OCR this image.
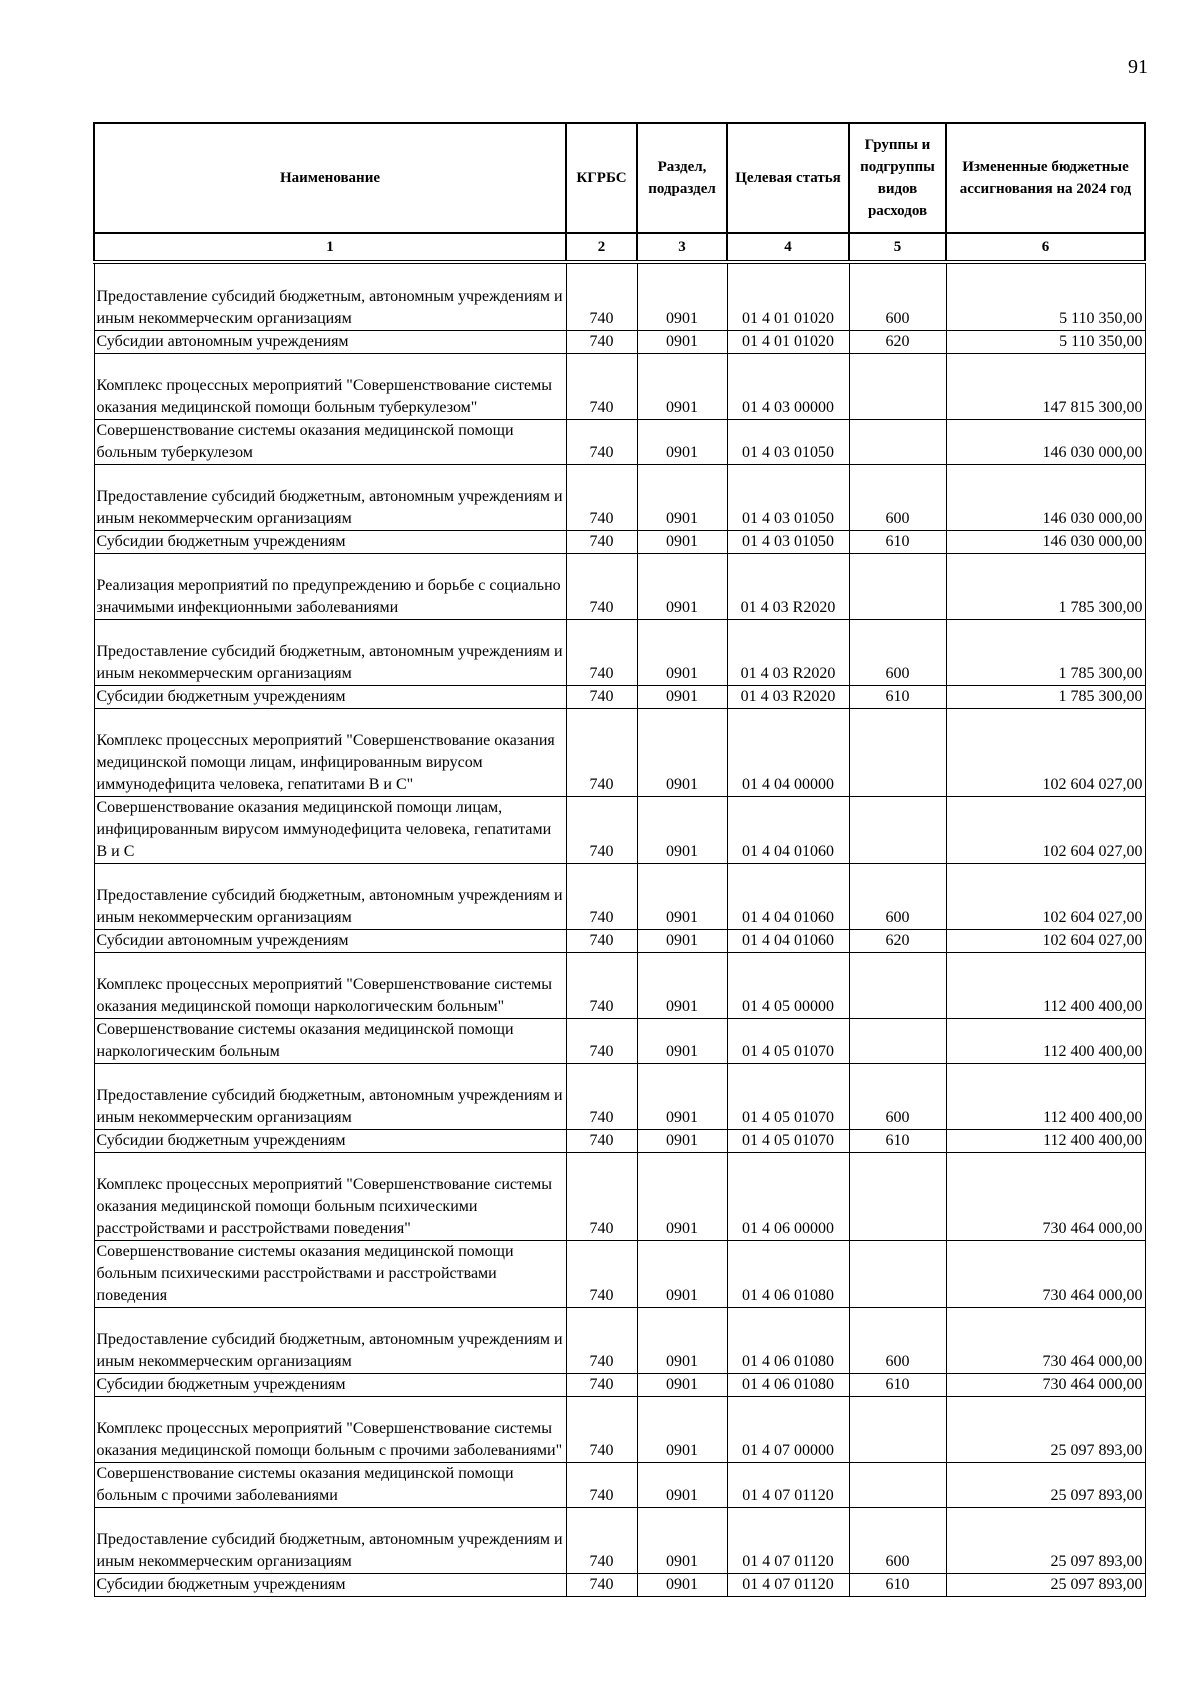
91
Наименование	КГРБС	Раздел, подраздел	Целевая статья	Группы и подгруппы видов расходов	Измененные бюджетные ассигнования на 2024 год
1	2	3	4	5	6
Предоставление субсидий бюджетным, автономным учреждениям и иным некоммерческим организациям	740	0901	01 4 01 01020	600	5 110 350,00
Субсидии автономным учреждениям	740	0901	01 4 01 01020	620	5 110 350,00
Комплекс процессных мероприятий "Совершенствование системы оказания медицинской помощи больным туберкулезом"	740	0901	01 4 03 00000		147 815 300,00
Совершенствование системы оказания медицинской помощи больным туберкулезом	740	0901	01 4 03 01050		146 030 000,00
Предоставление субсидий бюджетным, автономным учреждениям и иным некоммерческим организациям	740	0901	01 4 03 01050	600	146 030 000,00
Субсидии бюджетным учреждениям	740	0901	01 4 03 01050	610	146 030 000,00
Реализация мероприятий по предупреждению и борьбе с социально значимыми инфекционными заболеваниями	740	0901	01 4 03 R2020		1 785 300,00
Предоставление субсидий бюджетным, автономным учреждениям и иным некоммерческим организациям	740	0901	01 4 03 R2020	600	1 785 300,00
Субсидии бюджетным учреждениям	740	0901	01 4 03 R2020	610	1 785 300,00
Комплекс процессных мероприятий "Совершенствование оказания медицинской помощи лицам, инфицированным вирусом иммунодефицита человека, гепатитами В и С"	740	0901	01 4 04 00000		102 604 027,00
Совершенствование оказания медицинской помощи лицам, инфицированным вирусом иммунодефицита человека, гепатитами В и С	740	0901	01 4 04 01060		102 604 027,00
Предоставление субсидий бюджетным, автономным учреждениям и иным некоммерческим организациям	740	0901	01 4 04 01060	600	102 604 027,00
Субсидии автономным учреждениям	740	0901	01 4 04 01060	620	102 604 027,00
Комплекс процессных мероприятий "Совершенствование системы оказания медицинской помощи наркологическим больным"	740	0901	01 4 05 00000		112 400 400,00
Совершенствование системы оказания медицинской помощи наркологическим больным	740	0901	01 4 05 01070		112 400 400,00
Предоставление субсидий бюджетным, автономным учреждениям и иным некоммерческим организациям	740	0901	01 4 05 01070	600	112 400 400,00
Субсидии бюджетным учреждениям	740	0901	01 4 05 01070	610	112 400 400,00
Комплекс процессных мероприятий "Совершенствование системы оказания медицинской помощи больным психическими расстройствами и расстройствами поведения"	740	0901	01 4 06 00000		730 464 000,00
Совершенствование системы оказания медицинской помощи больным психическими расстройствами и расстройствами поведения	740	0901	01 4 06 01080		730 464 000,00
Предоставление субсидий бюджетным, автономным учреждениям и иным некоммерческим организациям	740	0901	01 4 06 01080	600	730 464 000,00
Субсидии бюджетным учреждениям	740	0901	01 4 06 01080	610	730 464 000,00
Комплекс процессных мероприятий "Совершенствование системы оказания медицинской помощи больным с прочими заболеваниями"	740	0901	01 4 07 00000		25 097 893,00
Совершенствование системы оказания медицинской помощи больным с прочими заболеваниями	740	0901	01 4 07 01120		25 097 893,00
Предоставление субсидий бюджетным, автономным учреждениям и иным некоммерческим организациям	740	0901	01 4 07 01120	600	25 097 893,00
Субсидии бюджетным учреждениям	740	0901	01 4 07 01120	610	25 097 893,00
